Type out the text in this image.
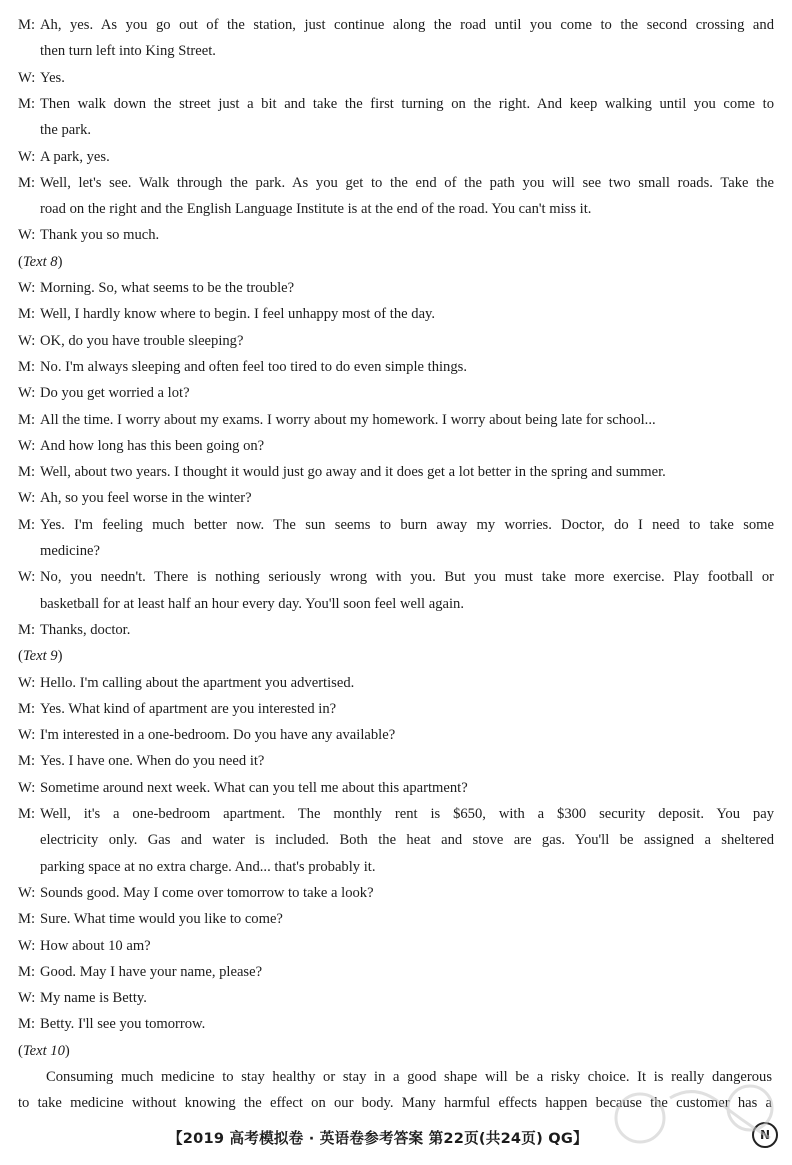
M: Ah, yes. As you go out of the station, just continue along the road until you come to the second crossing and
then turn left into King Street.
W: Yes.
M: Then walk down the street just a bit and take the first turning on the right. And keep walking until you come to
the park.
W: A park, yes.
M: Well, let's see. Walk through the park. As you get to the end of the path you will see two small roads. Take the
road on the right and the English Language Institute is at the end of the road. You can't miss it.
W: Thank you so much.
(Text 8)
W: Morning. So, what seems to be the trouble?
M: Well, I hardly know where to begin. I feel unhappy most of the day.
W: OK, do you have trouble sleeping?
M: No. I'm always sleeping and often feel too tired to do even simple things.
W: Do you get worried a lot?
M: All the time. I worry about my exams. I worry about my homework. I worry about being late for school...
W: And how long has this been going on?
M: Well, about two years. I thought it would just go away and it does get a lot better in the spring and summer.
W: Ah, so you feel worse in the winter?
M: Yes. I'm feeling much better now. The sun seems to burn away my worries. Doctor, do I need to take some
medicine?
W: No, you needn't. There is nothing seriously wrong with you. But you must take more exercise. Play football or
basketball for at least half an hour every day. You'll soon feel well again.
M: Thanks, doctor.
(Text 9)
W: Hello. I'm calling about the apartment you advertised.
M: Yes. What kind of apartment are you interested in?
W: I'm interested in a one-bedroom. Do you have any available?
M: Yes. I have one. When do you need it?
W: Sometime around next week. What can you tell me about this apartment?
M: Well, it's a one-bedroom apartment. The monthly rent is $650, with a $300 security deposit. You pay
electricity only. Gas and water is included. Both the heat and stove are gas. You'll be assigned a sheltered
parking space at no extra charge. And... that's probably it.
W: Sounds good. May I come over tomorrow to take a look?
M: Sure. What time would you like to come?
W: How about 10 am?
M: Good. May I have your name, please?
W: My name is Betty.
M: Betty. I'll see you tomorrow.
(Text 10)
Consuming much medicine to stay healthy or stay in a good shape will be a risky choice. It is really dangerous
to take medicine without knowing the effect on our body. Many harmful effects happen because the customer has a
【2019 高考模拟卷 · 英语卷参考答案 第22页(共24页) QG】	N
